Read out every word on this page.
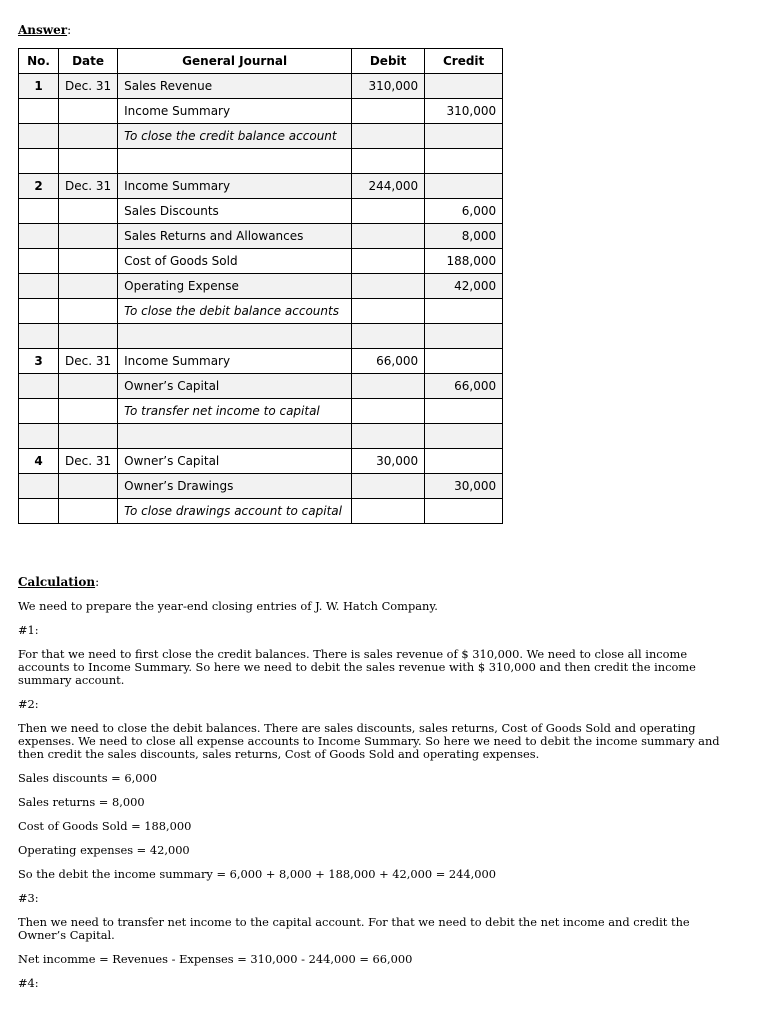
Answer:
No.	Date	General Journal	Debit	Credit
1	Dec. 31	Sales Revenue	310,000	
		Income Summary		310,000
		To close the credit balance account		

2	Dec. 31	Income Summary	244,000	
		Sales Discounts		6,000
		Sales Returns and Allowances		8,000
		Cost of Goods Sold		188,000
		Operating Expense		42,000
		To close the debit balance accounts		

3	Dec. 31	Income Summary	66,000	
		Owner’s Capital		66,000
		To transfer net income to capital		

4	Dec. 31	Owner’s Capital	30,000	
		Owner’s Drawings		30,000
		To close drawings account to capital		

Calculation:

We need to prepare the year-end closing entries of J. W. Hatch Company.

#1:

For that we need to first close the credit balances. There is sales revenue of $ 310,000. We need to close all income accounts to Income Summary. So here we need to debit the sales revenue with $ 310,000 and then credit the income summary account.

#2:

Then we need to close the debit balances. There are sales discounts, sales returns, Cost of Goods Sold and operating expenses. We need to close all expense accounts to Income Summary. So here we need to debit the income summary and then credit the sales discounts, sales returns, Cost of Goods Sold and operating expenses.

Sales discounts = 6,000

Sales returns = 8,000

Cost of Goods Sold = 188,000

Operating expenses = 42,000

So the debit the income summary = 6,000 + 8,000 + 188,000 + 42,000 = 244,000

#3:

Then we need to transfer net income to the capital account. For that we need to debit the net income and credit the Owner’s Capital.

Net incomme = Revenues - Expenses = 310,000 - 244,000 = 66,000

#4:
